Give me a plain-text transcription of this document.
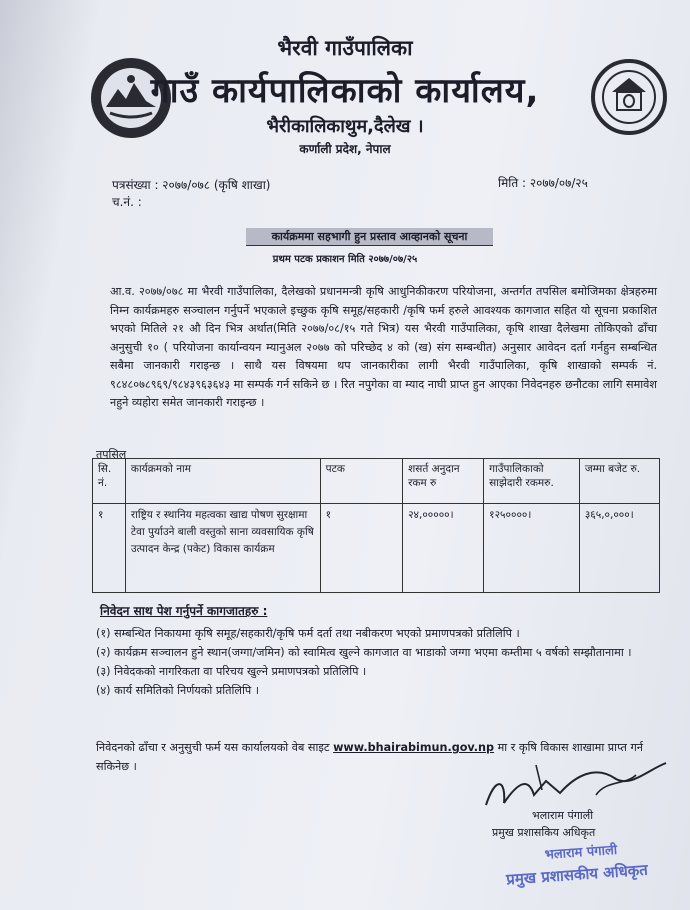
भैरवी गाउँपालिका
गाउँ कार्यपालिकाको कार्यालय,
भैरीकालिकाथुम,दैलेख ।
कर्णाली प्रदेश, नेपाल
पत्रसंख्या : २०७७/०७८ (कृषि शाखा)
च.नं. :
मिति : २०७७/०७/२५
कार्यक्रममा सहभागी हुन प्रस्ताव आव्हानको सूचना
प्रथम पटक प्रकाशन मिति २०७७/०७/२५
आ.व. २०७७/०७८ मा भैरवी गाउँपालिका, दैलेखको प्रधानमन्त्री कृषि आधुनिकीकरण परियोजना, अन्तर्गत तपसिल बमोजिमका क्षेत्रहरुमा निम्न कार्यक्रमहरु सञ्चालन गर्नुपर्ने भएकाले इच्छुक कृषि समूह/सहकारी /कृषि फर्म हरुले आवश्यक कागजात सहित यो सूचना प्रकाशित भएको मितिले २१ औ दिन भित्र अर्थात(मिति २०७७/०८/१५ गते भित्र) यस भैरवी गाउँपालिका, कृषि शाखा दैलेखमा तोकिएको ढाँचा अनुसुची १० ( परियोजना कार्यान्वयन म्यानुअल २०७७ को परिच्छेद ४ को (ख) संग सम्बन्धीत) अनुसार आवेदन दर्ता गर्नहुन सम्बन्धित सबैमा जानकारी गराइन्छ । साथै यस विषयमा थप जानकारीका लागी भैरवी गाउँपालिका, कृषि शाखाको सम्पर्क नं. ९८४८०७८९६९/९८४३९६३६४३ मा सम्पर्क गर्न सकिने छ । रित नपुगेका वा म्याद नाघी प्राप्त हुन आएका निवेदनहरु छनौटका लागि समावेश नहुने व्यहोरा समेत जानकारी गराइन्छ ।
तपसिल
सि. नं.	कार्यक्रमको नाम	पटक	शसर्त अनुदान रकम रु	गाउँपालिकाको साझेदारी रकमरु.	जम्मा बजेट रु.
१	राष्ट्रिय र स्थानिय महत्वका खाद्य पोषण सुरक्षामा टेवा पुर्याउने बाली वस्तुको साना व्यवसायिक कृषि उत्पादन केन्द्र (पकेट) विकास कार्यक्रम	१	२४,०००००।	१२५००००।	३६५,०,०००।
निवेदन साथ पेश गर्नुपर्ने कागजातहरु :
(१) सम्बन्धित निकायमा कृषि समूह/सहकारी/कृषि फर्म दर्ता तथा नबीकरण भएको प्रमाणपत्रको प्रतिलिपि ।
(२) कार्यक्रम सञ्चालन हुने स्थान(जग्गा/जमिन) को स्वामित्व खुल्ने कागजात वा भाडाको जग्गा भएमा कम्तीमा ५ वर्षको सम्झौतानामा ।
(३) निवेदकको नागरिकता वा परिचय खुल्ने प्रमाणपत्रको प्रतिलिपि ।
(४) कार्य समितिको निर्णयको प्रतिलिपि ।
निवेदनको ढाँचा र अनुसुची फर्म यस कार्यालयको वेब साइट www.bhairabimun.gov.np मा र कृषि विकास शाखामा प्राप्त गर्न सकिनेछ ।
भलाराम पंगाली
प्रमुख प्रशासकिय अधिकृत
भलाराम पंगाली
प्रमुख प्रशासकीय अधिकृत
